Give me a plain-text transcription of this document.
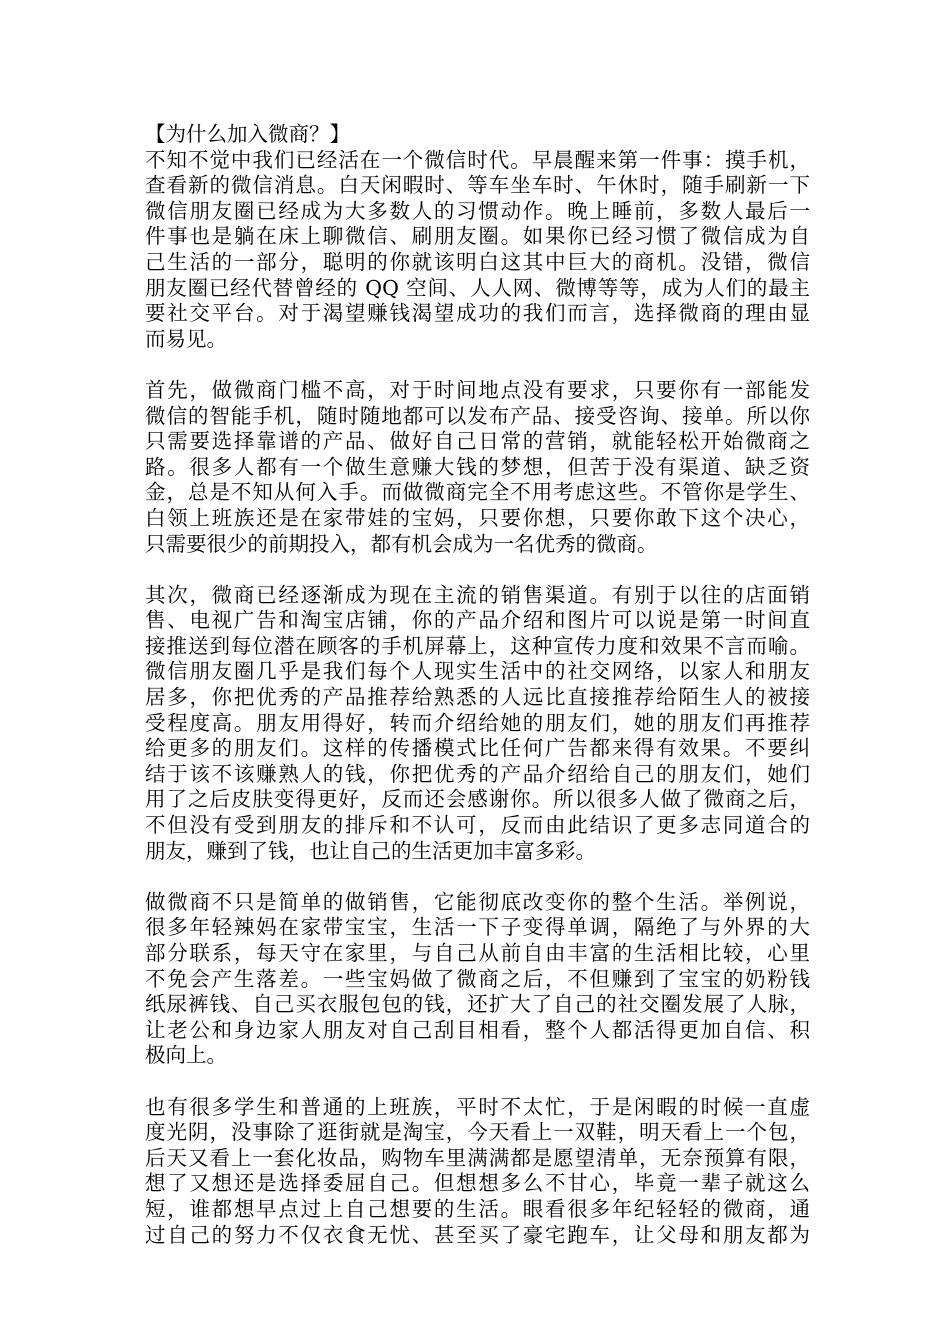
【为什么加入微商？】
不知不觉中我们已经活在一个微信时代。早晨醒来第一件事：摸手机，
查看新的微信消息。白天闲暇时、等车坐车时、午休时，随手刷新一下
微信朋友圈已经成为大多数人的习惯动作。晚上睡前，多数人最后一
件事也是躺在床上聊微信、刷朋友圈。如果你已经习惯了微信成为自
己生活的一部分，聪明的你就该明白这其中巨大的商机。没错，微信
朋友圈已经代替曾经的 QQ 空间、人人网、微博等等，成为人们的最主
要社交平台。对于渴望赚钱渴望成功的我们而言，选择微商的理由显
而易见。
首先，做微商门槛不高，对于时间地点没有要求，只要你有一部能发
微信的智能手机，随时随地都可以发布产品、接受咨询、接单。所以你
只需要选择靠谱的产品、做好自己日常的营销，就能轻松开始微商之
路。很多人都有一个做生意赚大钱的梦想，但苦于没有渠道、缺乏资
金，总是不知从何入手。而做微商完全不用考虑这些。不管你是学生、
白领上班族还是在家带娃的宝妈，只要你想，只要你敢下这个决心，
只需要很少的前期投入，都有机会成为一名优秀的微商。
其次，微商已经逐渐成为现在主流的销售渠道。有别于以往的店面销
售、电视广告和淘宝店铺，你的产品介绍和图片可以说是第一时间直
接推送到每位潜在顾客的手机屏幕上，这种宣传力度和效果不言而喻。
微信朋友圈几乎是我们每个人现实生活中的社交网络，以家人和朋友
居多，你把优秀的产品推荐给熟悉的人远比直接推荐给陌生人的被接
受程度高。朋友用得好，转而介绍给她的朋友们，她的朋友们再推荐
给更多的朋友们。这样的传播模式比任何广告都来得有效果。不要纠
结于该不该赚熟人的钱，你把优秀的产品介绍给自己的朋友们，她们
用了之后皮肤变得更好，反而还会感谢你。所以很多人做了微商之后，
不但没有受到朋友的排斥和不认可，反而由此结识了更多志同道合的
朋友，赚到了钱，也让自己的生活更加丰富多彩。
做微商不只是简单的做销售，它能彻底改变你的整个生活。举例说，
很多年轻辣妈在家带宝宝，生活一下子变得单调，隔绝了与外界的大
部分联系，每天守在家里，与自己从前自由丰富的生活相比较，心里
不免会产生落差。一些宝妈做了微商之后，不但赚到了宝宝的奶粉钱
纸尿裤钱、自己买衣服包包的钱，还扩大了自己的社交圈发展了人脉，
让老公和身边家人朋友对自己刮目相看，整个人都活得更加自信、积
极向上。
也有很多学生和普通的上班族，平时不太忙，于是闲暇的时候一直虚
度光阴，没事除了逛街就是淘宝，今天看上一双鞋，明天看上一个包，
后天又看上一套化妆品，购物车里满满都是愿望清单，无奈预算有限，
想了又想还是选择委屈自己。但想想多么不甘心，毕竟一辈子就这么
短，谁都想早点过上自己想要的生活。眼看很多年纪轻轻的微商，通
过自己的努力不仅衣食无忧、甚至买了豪宅跑车，让父母和朋友都为
